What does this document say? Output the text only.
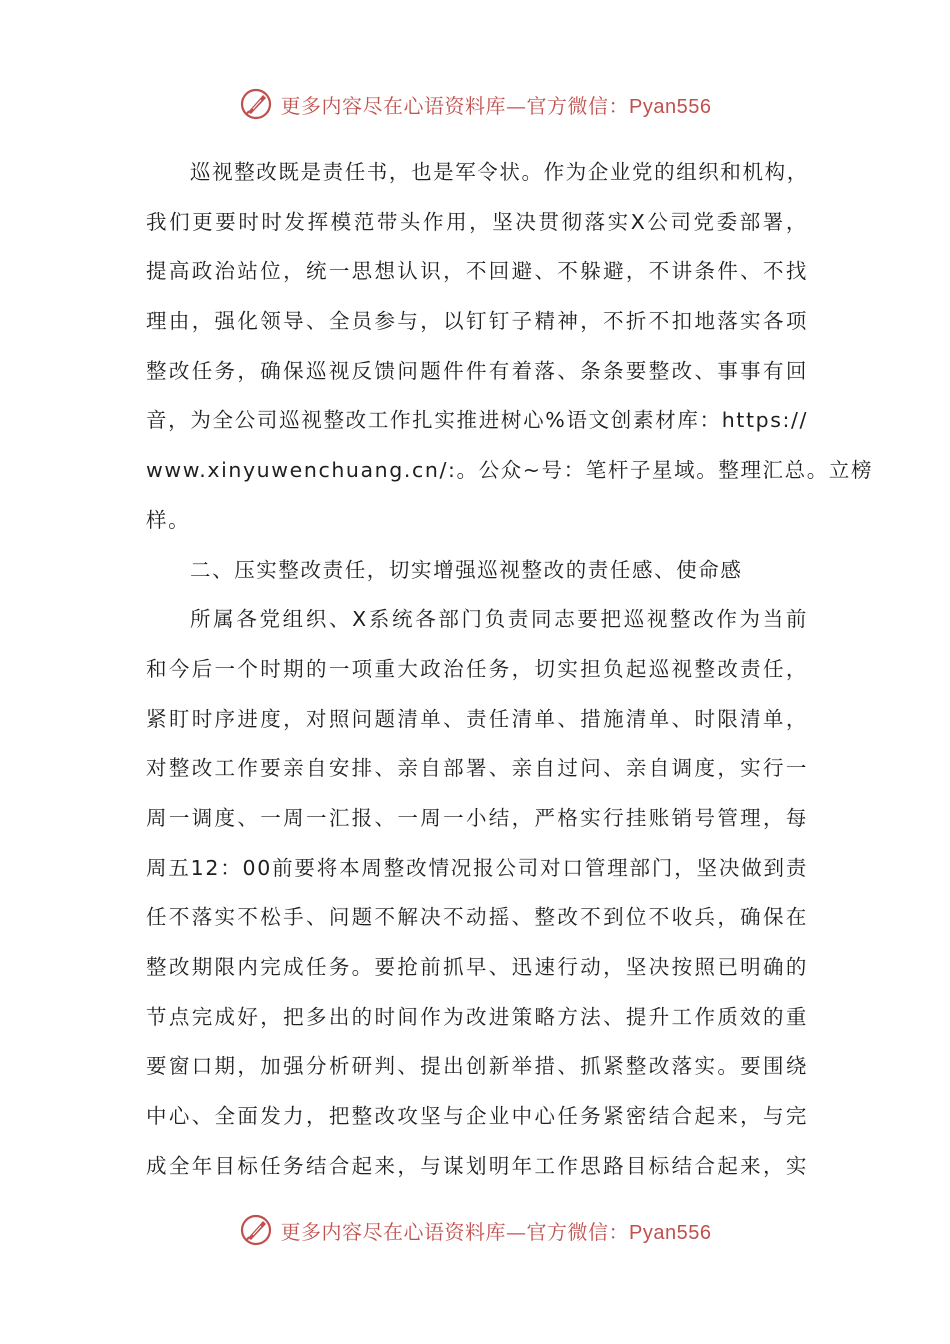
更多内容尽在心语资料库—官方微信：Pyan556
巡视整改既是责任书，也是军令状。作为企业党的组织和机构，
我们更要时时发挥模范带头作用，坚决贯彻落实X公司党委部署，
提高政治站位，统一思想认识，不回避、不躲避，不讲条件、不找
理由，强化领导、全员参与，以钉钉子精神，不折不扣地落实各项
整改任务，确保巡视反馈问题件件有着落、条条要整改、事事有回
音，为全公司巡视整改工作扎实推进树心%语文创素材库：https://
www.xinyuwenchuang.cn/:。公众~号：笔杆子星域。整理汇总。立榜
样。
二、压实整改责任，切实增强巡视整改的责任感、使命感
所属各党组织、X系统各部门负责同志要把巡视整改作为当前
和今后一个时期的一项重大政治任务，切实担负起巡视整改责任，
紧盯时序进度，对照问题清单、责任清单、措施清单、时限清单，
对整改工作要亲自安排、亲自部署、亲自过问、亲自调度，实行一
周一调度、一周一汇报、一周一小结，严格实行挂账销号管理，每
周五12：00前要将本周整改情况报公司对口管理部门，坚决做到责
任不落实不松手、问题不解决不动摇、整改不到位不收兵，确保在
整改期限内完成任务。要抢前抓早、迅速行动，坚决按照已明确的
节点完成好，把多出的时间作为改进策略方法、提升工作质效的重
要窗口期，加强分析研判、提出创新举措、抓紧整改落实。要围绕
中心、全面发力，把整改攻坚与企业中心任务紧密结合起来，与完
成全年目标任务结合起来，与谋划明年工作思路目标结合起来，实
更多内容尽在心语资料库—官方微信：Pyan556
